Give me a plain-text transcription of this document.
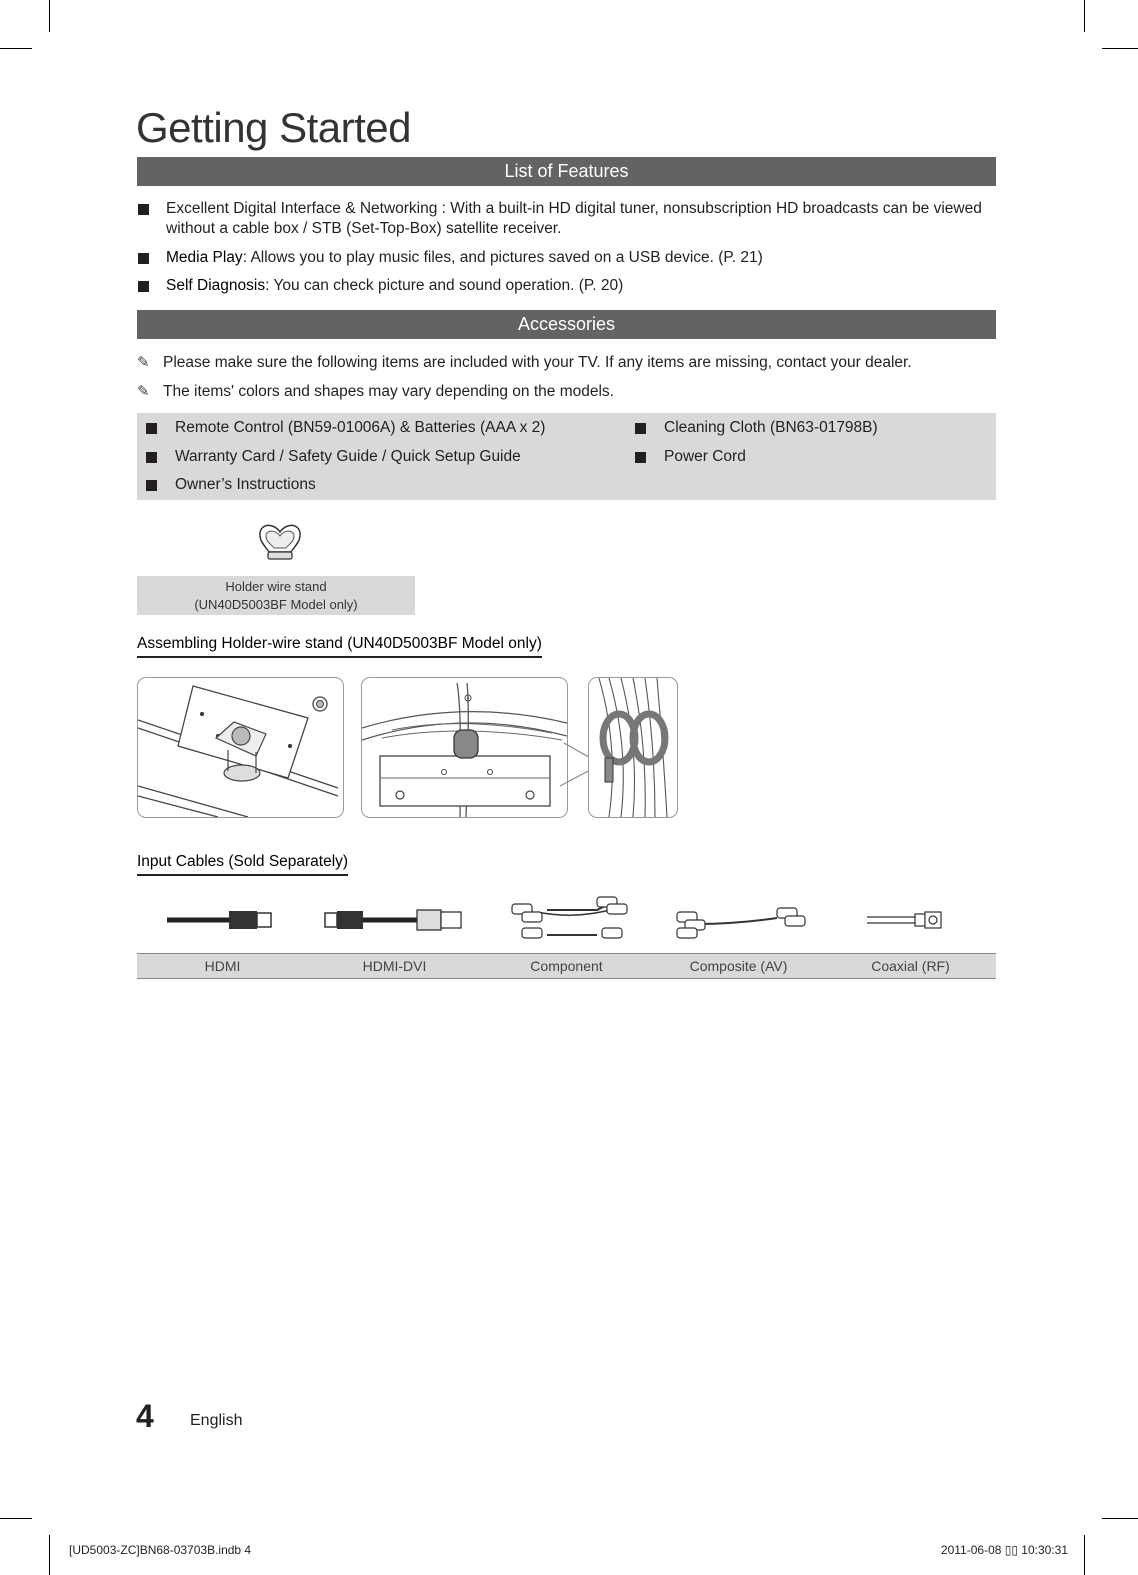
Getting Started
List of Features
Excellent Digital Interface & Networking : With a built-in HD digital tuner, nonsubscription HD broadcasts can be viewed
without a cable box / STB (Set-Top-Box) satellite receiver.
Media Play: Allows you to play music files, and pictures saved on a USB device. (P. 21)
Self Diagnosis: You can check picture and sound operation. (P. 20)
Accessories
✎ Please make sure the following items are included with your TV. If any items are missing, contact your dealer.
✎ The items' colors and shapes may vary depending on the models.
Remote Control (BN59-01006A) & Batteries (AAA x 2)
Warranty Card / Safety Guide / Quick Setup Guide
Owner’s Instructions
Cleaning Cloth (BN63-01798B)
Power Cord
Holder wire stand
(UN40D5003BF Model only)
Assembling Holder-wire stand (UN40D5003BF Model only)
Input Cables (Sold Separately)
HDMI	HDMI-DVI	Component	Composite (AV)	Coaxial (RF)
4 English
[UD5003-ZC]BN68-03703B.indb 4	2011-06-08 ▯▯ 10:30:31
